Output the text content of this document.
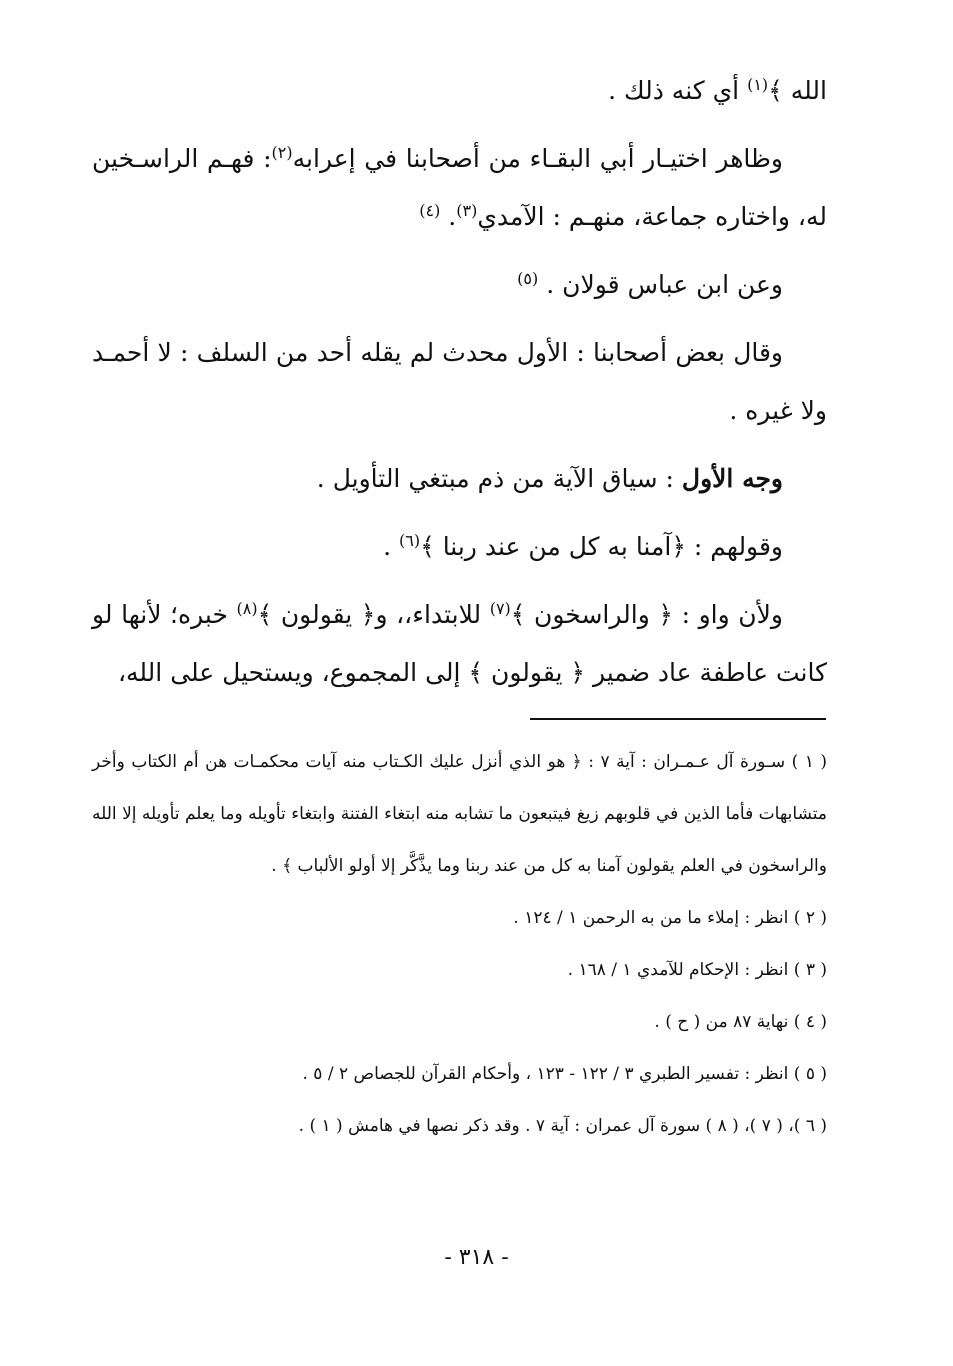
الله ﴾$^{(١)}$ أي كنه ذلك .

وظاهر اختيـار أبي البقـاء من أصحابنا في إعرابه$^{(٢)}$: فهـم الراسـخين له، واختاره جماعة، منهـم : الآمدي$^{(٣)}$. $^{(٤)}$

وعن ابن عباس قولان . $^{(٥)}$

وقال بعض أصحابنا : الأول محدث لم يقله أحد من السلف : لا أحمـد ولا غيره .

وجه الأول : سياق الآية من ذم مبتغي التأويل .

وقولهم : ﴿آمنا به كل من عند ربنا ﴾$^{(٦)}$ .

ولأن واو : ﴿ والراسخون ﴾$^{(٧)}$ للابتداء،، و﴿ يقولون ﴾$^{(٨)}$ خبره؛ لأنها لو كانت عاطفة عاد ضمير ﴿ يقولون ﴾ إلى المجموع، ويستحيل على الله،

( ١ ) سـورة آل عـمـران : آية ٧ : ﴿ هو الذي أنزل عليك الكـتاب منه آيات محكمـات هن أم الكتاب وأخر متشابهات فأما الذين في قلوبهم زيغ فيتبعون ما تشابه منه ابتغاء الفتنة وابتغاء تأويله وما يعلم تأويله إلا الله والراسخون في العلم يقولون آمنا به كل من عند ربنا وما يذَّكَّر إلا أولو الألباب ﴾ .

( ٢ ) انظر : إملاء ما من به الرحمن ١ / ١٢٤ .

( ٣ ) انظر : الإحكام للآمدي ١ / ١٦٨ .

( ٤ ) نهاية ٨٧ من ( ح ) .

( ٥ ) انظر : تفسير الطبري ٣ / ١٢٢ - ١٢٣ ، وأحكام القرآن للجصاص ٢ / ٥ .

( ٦ )، ( ٧ )، ( ٨ ) سورة آل عمران : آية ٧ . وقد ذكر نصها في هامش ( ١ ) .

- ٣١٨ -
